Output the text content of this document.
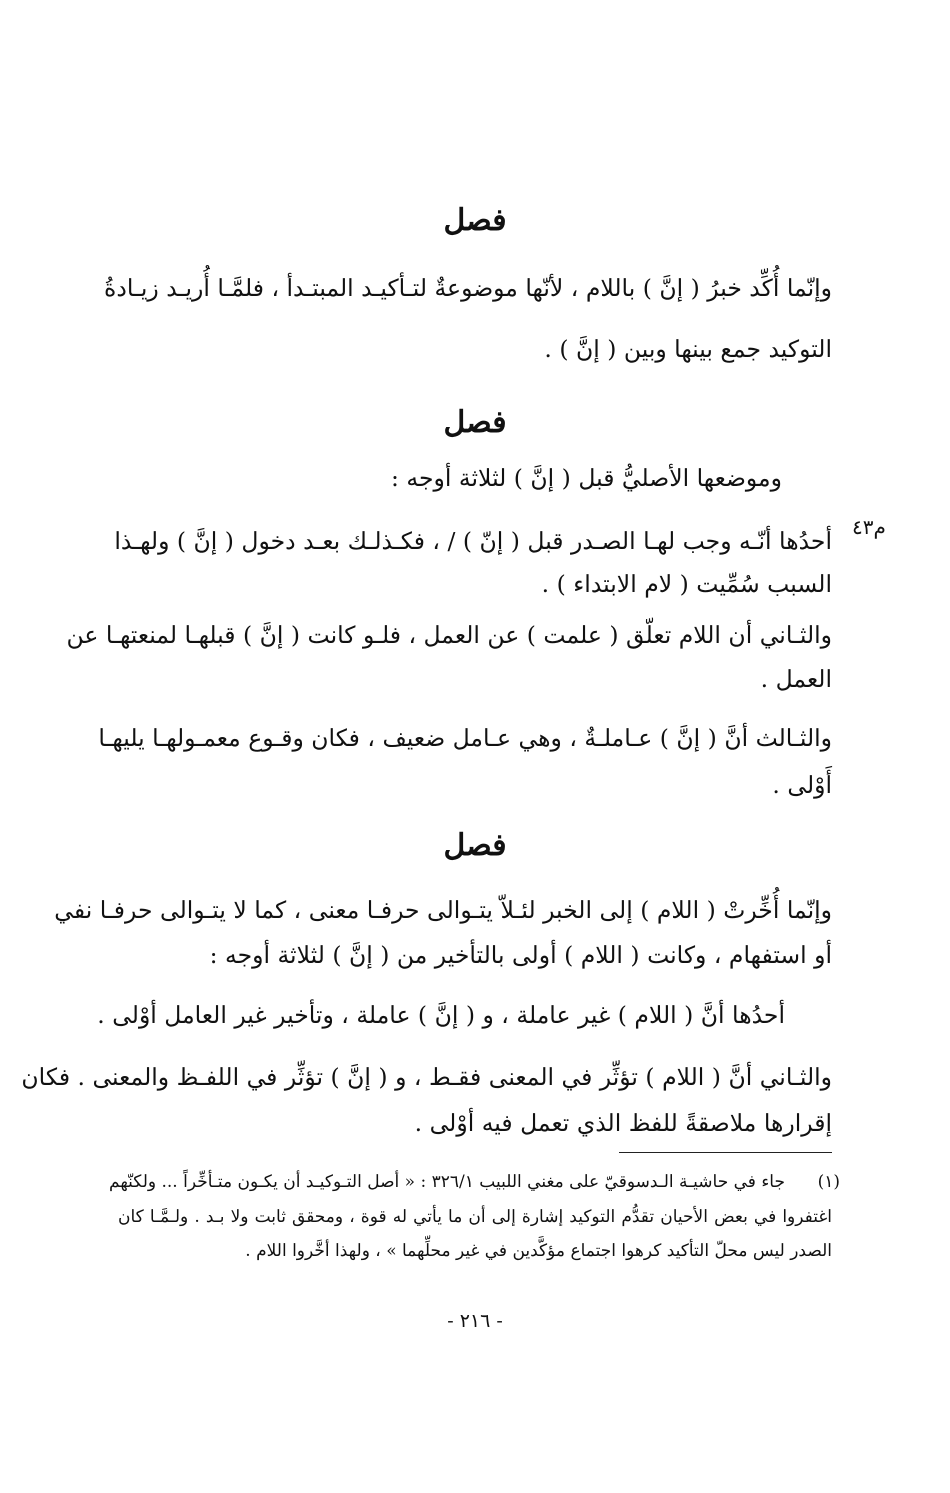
فصل
وإنّما أُكِّد خبرُ ( إنَّ ) باللام ، لأنّها موضوعةٌ لتـأكيـد المبتـدأ ، فلمَّـا أُريـد زيـادةُ
التوكيد جمع بينها وبين ( إنَّ ) .
فصل
وموضعها الأصليُّ قبل ( إنَّ ) لثلاثة أوجه :
م٤٣
أحدُها أنّـه وجب لهـا الصـدر قبل ( إنّ ) / ، فكـذلـك بعـد دخول ( إنَّ ) ولهـذا
السبب سُمِّيت ( لام الابتداء ) .
والثـاني أن اللام تعلّق ( علمت ) عن العمل ، فلـو كانت ( إنَّ ) قبلهـا لمنعتهـا عن
العمل .
والثـالث أنَّ ( إنَّ ) عـاملـةٌ ، وهي عـامل ضعيف ، فكان وقـوع معمـولهـا يليهـا
أَوْلى .
فصل
وإنّما أُخِّرتْ ( اللام ) إلى الخبر لئـلاّ يتـوالى حرفـا معنى ، كما لا يتـوالى حرفـا نفي
أو استفهام ، وكانت ( اللام ) أولى بالتأخير من ( إنَّ ) لثلاثة أوجه :
أحدُها أنَّ ( اللام ) غير عاملة ، و ( إنَّ ) عاملة ، وتأخير غير العامل أوْلى .
والثـاني أنَّ ( اللام ) تؤثِّر في المعنى فقـط ، و ( إنَّ ) تؤثِّر في اللفـظ والمعنى . فكان
إقرارها ملاصقةً للفظ الذي تعمل فيه أوْلى .
(١)
جاء في حاشيـة الـدسوقيّ على مغني اللبيب ٣٢٦/١ : « أصل التـوكيـد أن يكـون متـأخِّراً ... ولكنّهم
اغتفروا في بعض الأحيان تقدُّم التوكيد إشارة إلى أن ما يأتي له قوة ، ومحقق ثابت ولا بـد . ولـمَّـا كان
الصدر ليس محلّ التأكيد كرهوا اجتماع مؤكَّدين في غير محلِّهما » ، ولهذا أخَّروا اللام .
- ٢١٦ -
